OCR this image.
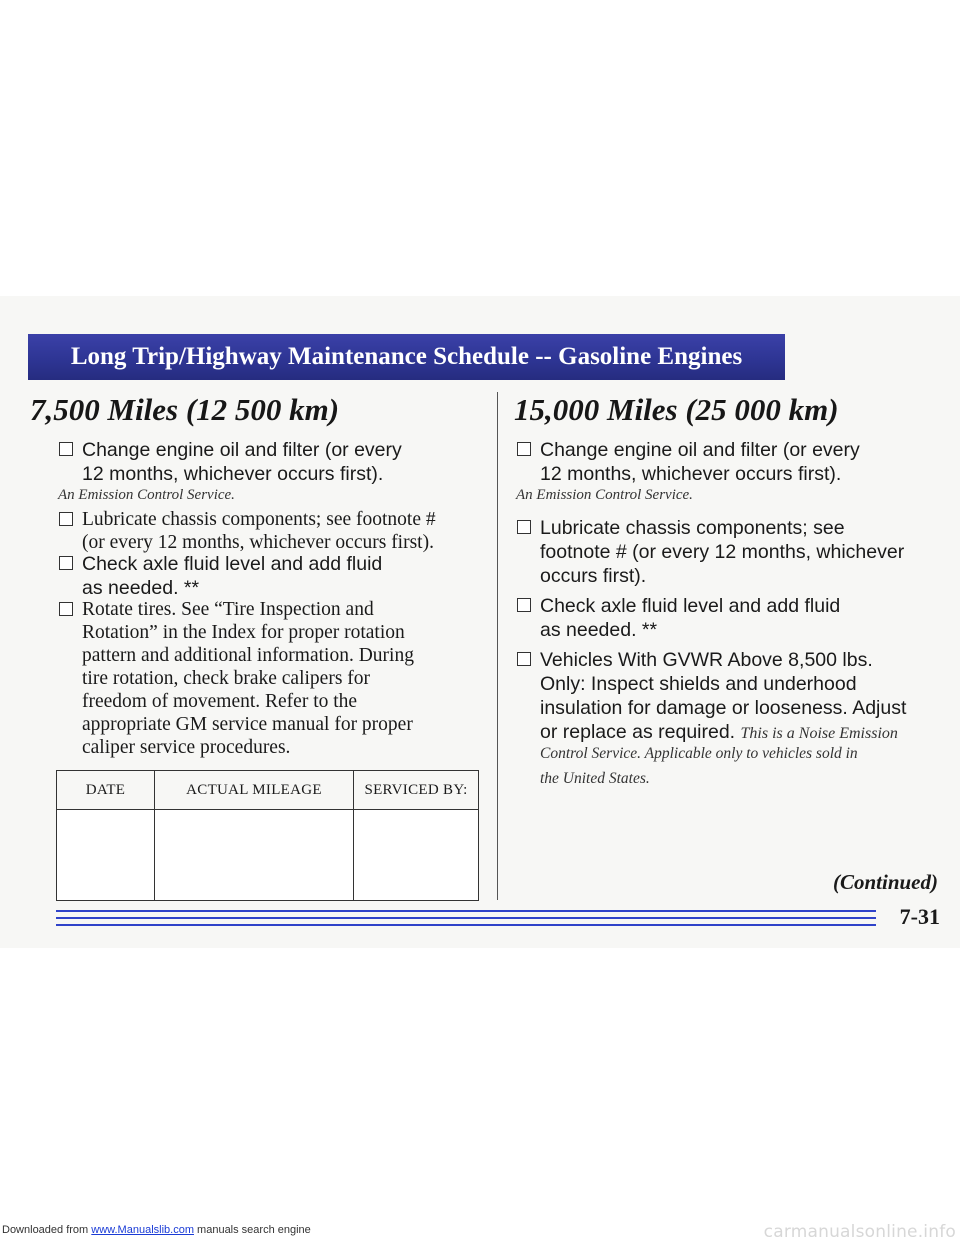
Long Trip/Highway Maintenance Schedule -- Gasoline Engines
7,500 Miles (12 500 km)
Change engine oil and filter (or every
12 months, whichever occurs first).
An Emission Control Service.
Lubricate chassis components; see footnote #
(or every 12 months, whichever occurs first).
Check axle fluid level and add fluid
as needed. **
Rotate tires. See “Tire Inspection and
Rotation” in the Index for proper rotation
pattern and additional information. During
tire rotation, check brake calipers for
freedom of movement. Refer to the
appropriate GM service manual for proper
caliper service procedures.
DATE	ACTUAL MILEAGE	SERVICED BY:

15,000 Miles (25 000 km)
Change engine oil and filter (or every
12 months, whichever occurs first).
An Emission Control Service.
Lubricate chassis components; see
footnote # (or every 12 months, whichever
occurs first).
Check axle fluid level and add fluid
as needed. **
Vehicles With GVWR Above 8,500 lbs.
Only: Inspect shields and underhood
insulation for damage or looseness. Adjust
or replace as required. This is a Noise Emission
Control Service. Applicable only to vehicles sold in
the United States.
(Continued)
7-31
Downloaded from www.Manualslib.com manuals search engine	carmanualsonline.info
